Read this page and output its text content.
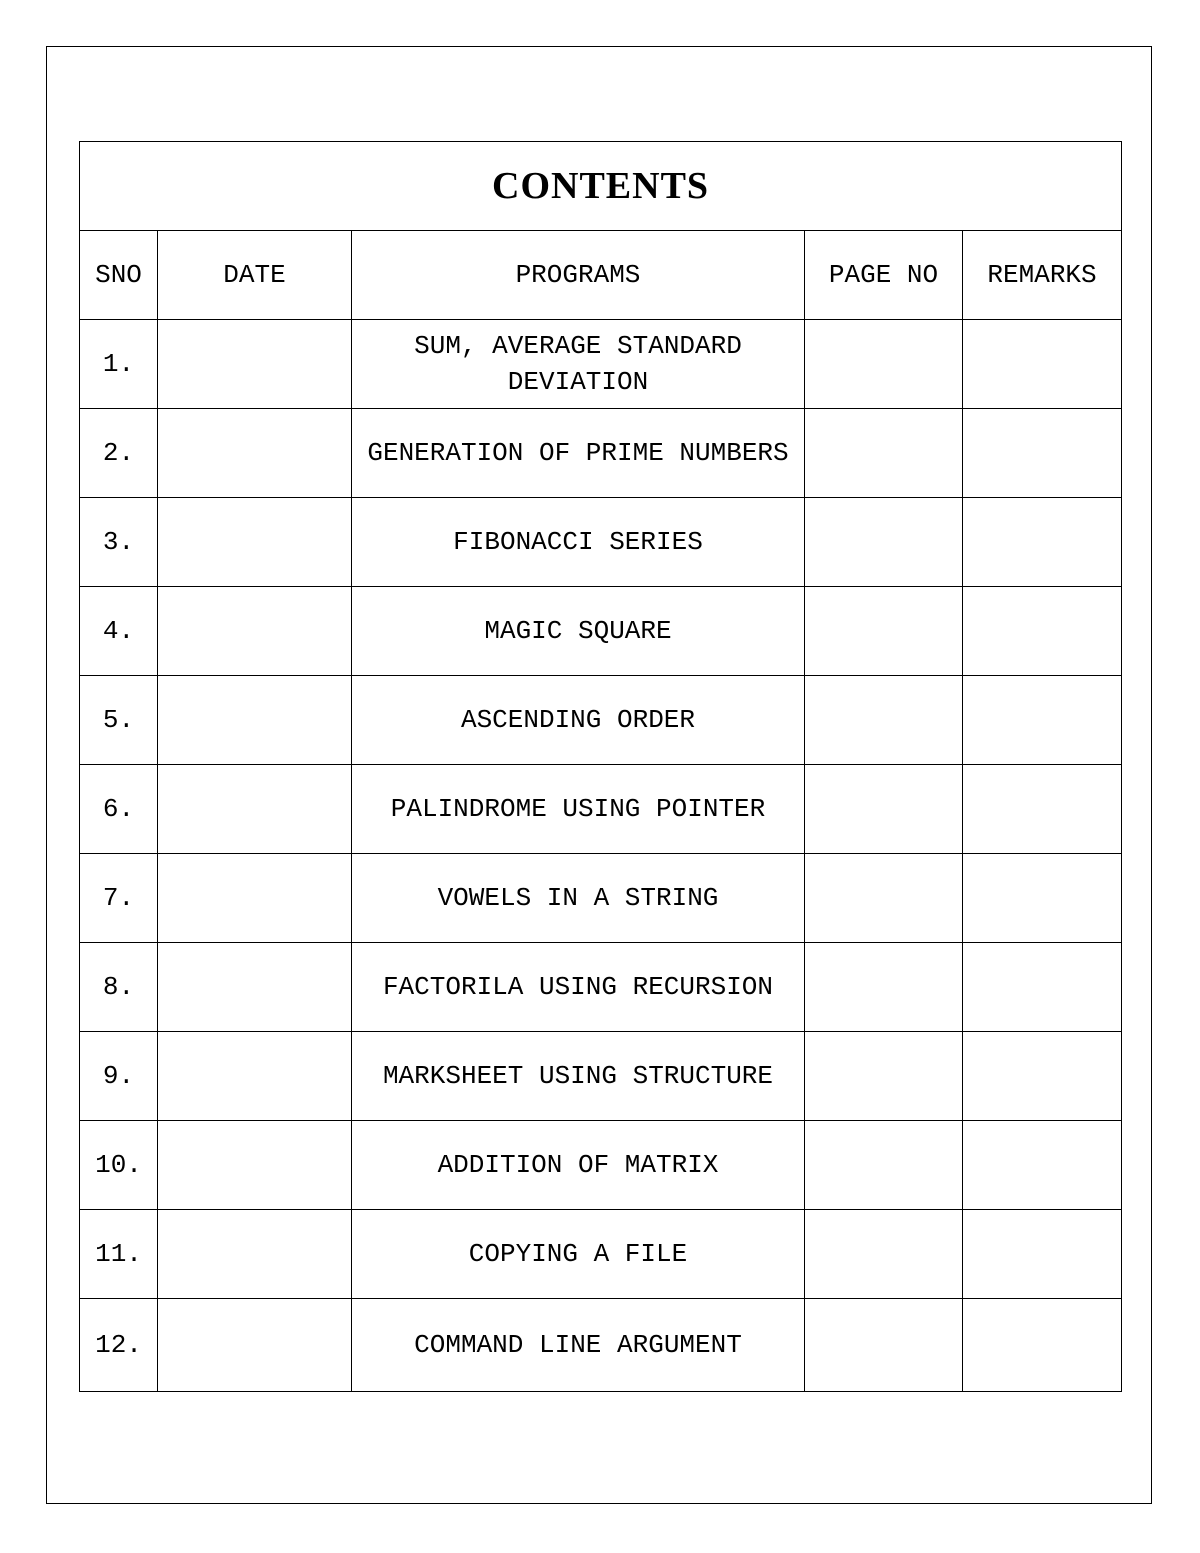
CONTENTS				
SNO	DATE	PROGRAMS	PAGE NO	REMARKS
1.		SUM, AVERAGE STANDARD DEVIATION		
2.		GENERATION OF PRIME NUMBERS		
3.		FIBONACCI SERIES		
4.		MAGIC SQUARE		
5.		ASCENDING ORDER		
6.		PALINDROME USING POINTER		
7.		VOWELS IN A STRING		
8.		FACTORILA USING RECURSION		
9.		MARKSHEET USING STRUCTURE		
10.		ADDITION OF MATRIX		
11.		COPYING A FILE		
12.		COMMAND LINE ARGUMENT		
